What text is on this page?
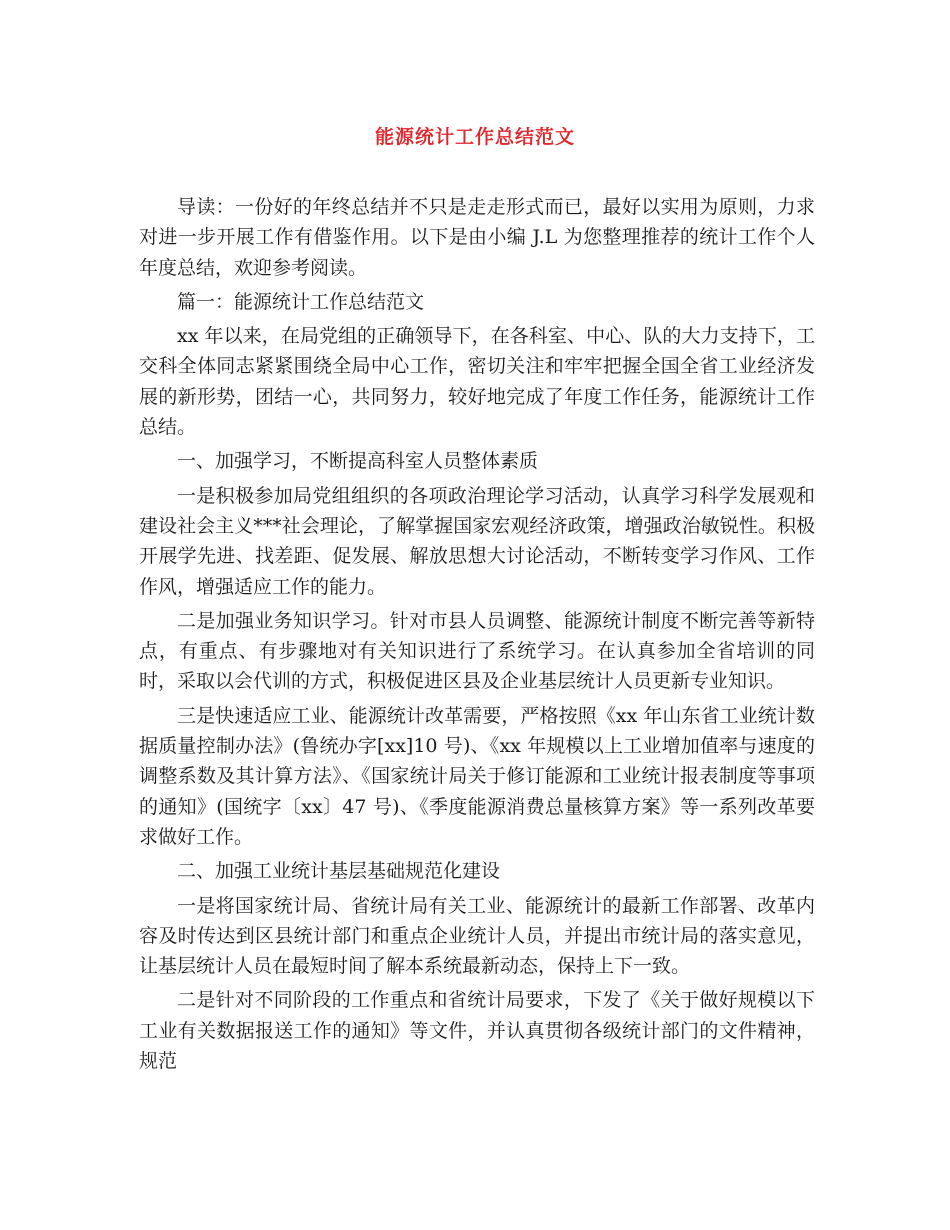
能源统计工作总结范文

导读：一份好的年终总结并不只是走走形式而已，最好以实用为原则，力求对进一步开展工作有借鉴作用。以下是由小编 J.L 为您整理推荐的统计工作个人年度总结，欢迎参考阅读。

篇一：能源统计工作总结范文

xx 年以来，在局党组的正确领导下，在各科室、中心、队的大力支持下，工交科全体同志紧紧围绕全局中心工作，密切关注和牢牢把握全国全省工业经济发展的新形势，团结一心，共同努力，较好地完成了年度工作任务，能源统计工作总结。

一、加强学习，不断提高科室人员整体素质

一是积极参加局党组组织的各项政治理论学习活动，认真学习科学发展观和建设社会主义***社会理论，了解掌握国家宏观经济政策，增强政治敏锐性。积极开展学先进、找差距、促发展、解放思想大讨论活动，不断转变学习作风、工作作风，增强适应工作的能力。

二是加强业务知识学习。针对市县人员调整、能源统计制度不断完善等新特点，有重点、有步骤地对有关知识进行了系统学习。在认真参加全省培训的同时，采取以会代训的方式，积极促进区县及企业基层统计人员更新专业知识。

三是快速适应工业、能源统计改革需要，严格按照《xx 年山东省工业统计数据质量控制办法》(鲁统办字[xx]10 号)、《xx 年规模以上工业增加值率与速度的调整系数及其计算方法》、《国家统计局关于修订能源和工业统计报表制度等事项的通知》(国统字〔xx〕47 号)、《季度能源消费总量核算方案》等一系列改革要求做好工作。

二、加强工业统计基层基础规范化建设

一是将国家统计局、省统计局有关工业、能源统计的最新工作部署、改革内容及时传达到区县统计部门和重点企业统计人员，并提出市统计局的落实意见，让基层统计人员在最短时间了解本系统最新动态，保持上下一致。

二是针对不同阶段的工作重点和省统计局要求，下发了《关于做好规模以下工业有关数据报送工作的通知》等文件，并认真贯彻各级统计部门的文件精神，规范
